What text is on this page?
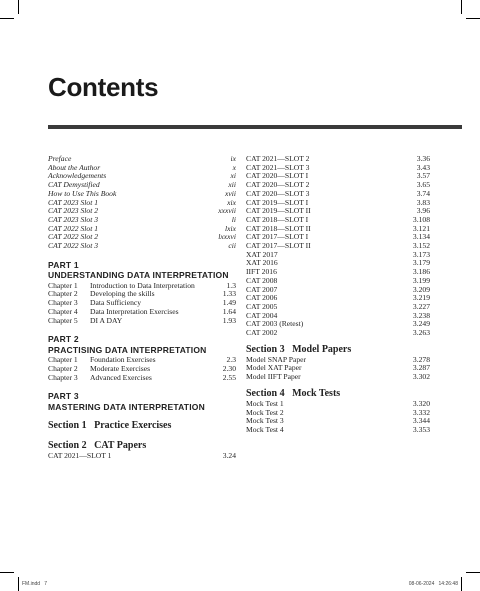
Contents
Preface	ix
About the Author	x
Acknowledgements	xi
CAT Demystified	xii
How to Use This Book	xvii
CAT 2023 Slot 1	xix
CAT 2023 Slot 2	xxxvii
CAT 2023 Slot 3	li
CAT 2022 Slot 1	lxix
CAT 2022 Slot 2	lxxxvi
CAT 2022 Slot 3	cii
PART 1
UNDERSTANDING DATA INTERPRETATION
Chapter 1	Introduction to Data Interpretation	1.3
Chapter 2	Developing the skills	1.33
Chapter 3	Data Sufficiency	1.49
Chapter 4	Data Interpretation Exercises	1.64
Chapter 5	DI A DAY	1.93
PART 2
PRACTISING DATA INTERPRETATION
Chapter 1	Foundation Exercises	2.3
Chapter 2	Moderate Exercises	2.30
Chapter 3	Advanced Exercises	2.55
PART 3
MASTERING DATA INTERPRETATION
Section 1   Practice Exercises
Section 2   CAT Papers
CAT 2021—SLOT 1	3.24
CAT 2021—SLOT 2	3.36
CAT 2021—SLOT 3	3.43
CAT 2020—SLOT I	3.57
CAT 2020—SLOT 2	3.65
CAT 2020—SLOT 3	3.74
CAT 2019—SLOT I	3.83
CAT 2019—SLOT II	3.96
CAT 2018—SLOT I	3.108
CAT 2018—SLOT II	3.121
CAT 2017—SLOT I	3.134
CAT 2017—SLOT II	3.152
XAT 2017	3.173
XAT 2016	3.179
IIFT 2016	3.186
CAT 2008	3.199
CAT 2007	3.209
CAT 2006	3.219
CAT 2005	3.227
CAT 2004	3.238
CAT 2003 (Retest)	3.249
CAT 2002	3.263
Section 3   Model Papers
Model SNAP Paper	3.278
Model XAT Paper	3.287
Model IIFT Paper	3.302
Section 4   Mock Tests
Mock Test 1	3.320
Mock Test 2	3.332
Mock Test 3	3.344
Mock Test 4	3.353
FM.indd   7	08-06-2024   14:26:48
